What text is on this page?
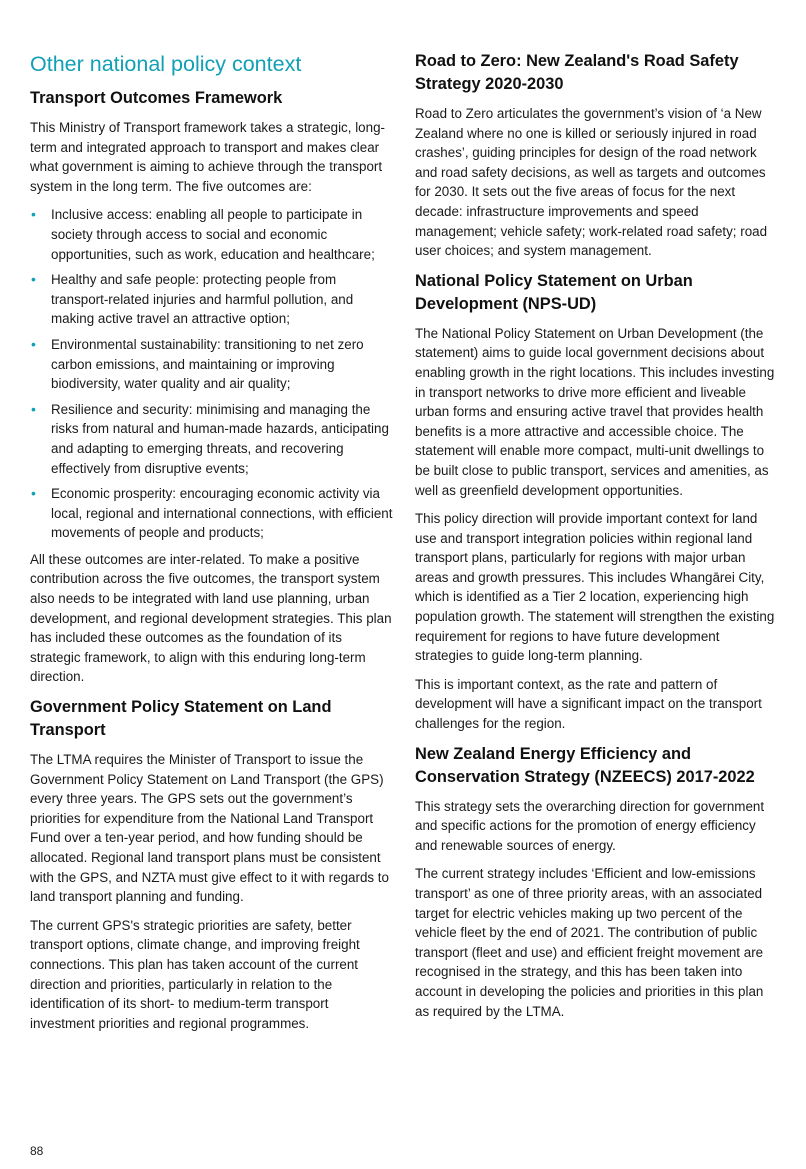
Other national policy context
Transport Outcomes Framework

This Ministry of Transport framework takes a strategic, long-term and integrated approach to transport and makes clear what government is aiming to achieve through the transport system in the long term. The five outcomes are:

• Inclusive access: enabling all people to participate in society through access to social and economic opportunities, such as work, education and healthcare;
• Healthy and safe people: protecting people from transport-related injuries and harmful pollution, and making active travel an attractive option;
• Environmental sustainability: transitioning to net zero carbon emissions, and maintaining or improving biodiversity, water quality and air quality;
• Resilience and security: minimising and managing the risks from natural and human-made hazards, anticipating and adapting to emerging threats, and recovering effectively from disruptive events;
• Economic prosperity: encouraging economic activity via local, regional and international connections, with efficient movements of people and products;

All these outcomes are inter-related. To make a positive contribution across the five outcomes, the transport system also needs to be integrated with land use planning, urban development, and regional development strategies. This plan has included these outcomes as the foundation of its strategic framework, to align with this enduring long-term direction.

Government Policy Statement on Land Transport

The LTMA requires the Minister of Transport to issue the Government Policy Statement on Land Transport (the GPS) every three years. The GPS sets out the government’s priorities for expenditure from the National Land Transport Fund over a ten-year period, and how funding should be allocated. Regional land transport plans must be consistent with the GPS, and NZTA must give effect to it with regards to land transport planning and funding.

The current GPS's strategic priorities are safety, better transport options, climate change, and improving freight connections. This plan has taken account of the current direction and priorities, particularly in relation to the identification of its short- to medium-term transport investment priorities and regional programmes.

Road to Zero: New Zealand's Road Safety Strategy 2020-2030

Road to Zero articulates the government’s vision of ‘a New Zealand where no one is killed or seriously injured in road crashes’, guiding principles for design of the road network and road safety decisions, as well as targets and outcomes for 2030. It sets out the five areas of focus for the next decade: infrastructure improvements and speed management; vehicle safety; work-related road safety; road user choices; and system management.

National Policy Statement on Urban Development (NPS-UD)

The National Policy Statement on Urban Development (the statement) aims to guide local government decisions about enabling growth in the right locations. This includes investing in transport networks to drive more efficient and liveable urban forms and ensuring active travel that provides health benefits is a more attractive and accessible choice. The statement will enable more compact, multi-unit dwellings to be built close to public transport, services and amenities, as well as greenfield development opportunities.

This policy direction will provide important context for land use and transport integration policies within regional land transport plans, particularly for regions with major urban areas and growth pressures. This includes Whangārei City, which is identified as a Tier 2 location, experiencing high population growth. The statement will strengthen the existing requirement for regions to have future development strategies to guide long-term planning.

This is important context, as the rate and pattern of development will have a significant impact on the transport challenges for the region.

New Zealand Energy Efficiency and Conservation Strategy (NZEECS) 2017-2022

This strategy sets the overarching direction for government and specific actions for the promotion of energy efficiency and renewable sources of energy.

The current strategy includes ‘Efficient and low-emissions transport’ as one of three priority areas, with an associated target for electric vehicles making up two percent of the vehicle fleet by the end of 2021. The contribution of public transport (fleet and use) and efficient freight movement are recognised in the strategy, and this has been taken into account in developing the policies and priorities in this plan as required by the LTMA.

88
